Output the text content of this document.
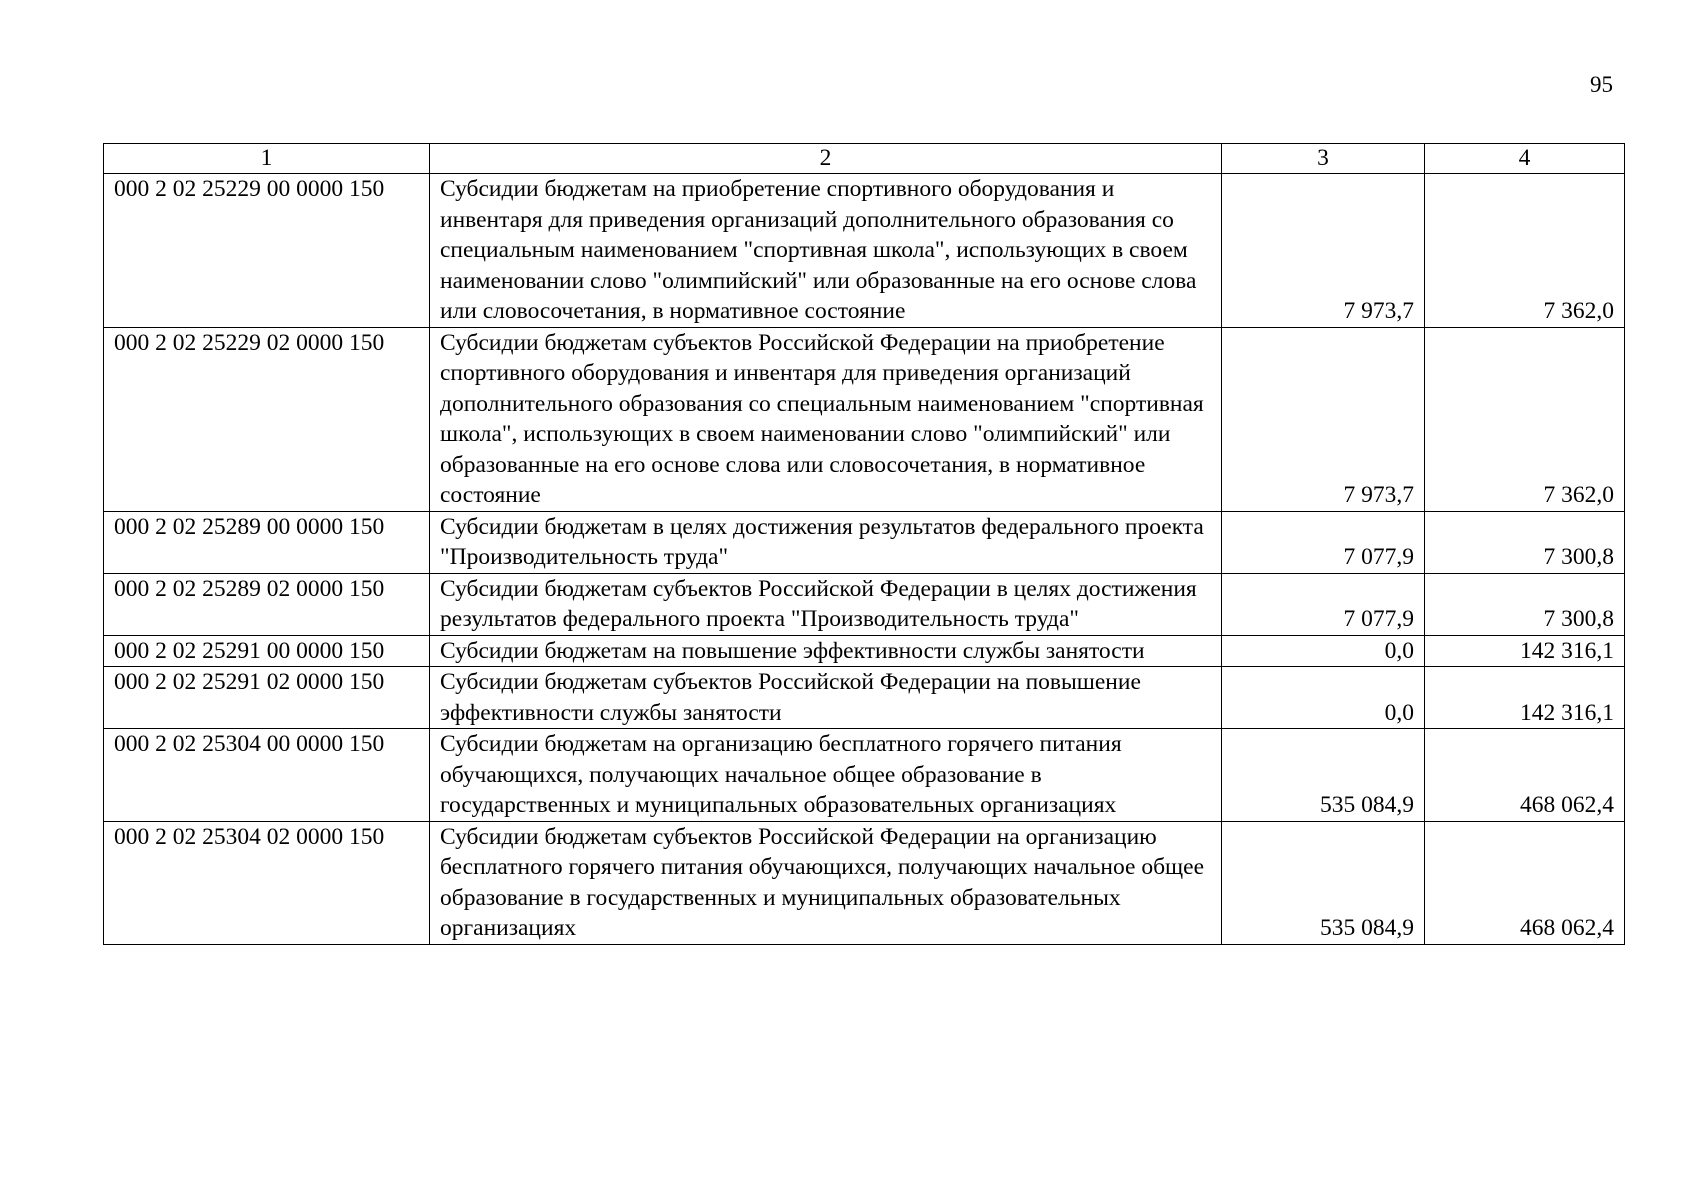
95
1	2	3	4
000 2 02 25229 00 0000 150	Субсидии бюджетам на приобретение спортивного оборудования и инвентаря для приведения организаций дополнительного образования со специальным наименованием "спортивная школа", использующих в своем наименовании слово "олимпийский" или образованные на его основе слова или словосочетания, в нормативное состояние	7 973,7	7 362,0
000 2 02 25229 02 0000 150	Субсидии бюджетам субъектов Российской Федерации на приобретение спортивного оборудования и инвентаря для приведения организаций дополнительного образования со специальным наименованием "спортивная школа", использующих в своем наименовании слово "олимпийский" или образованные на его основе слова или словосочетания, в нормативное состояние	7 973,7	7 362,0
000 2 02 25289 00 0000 150	Субсидии бюджетам в целях достижения результатов федерального проекта "Производительность труда"	7 077,9	7 300,8
000 2 02 25289 02 0000 150	Субсидии бюджетам субъектов Российской Федерации в целях достижения результатов федерального проекта "Производительность труда"	7 077,9	7 300,8
000 2 02 25291 00 0000 150	Субсидии бюджетам на повышение эффективности службы занятости	0,0	142 316,1
000 2 02 25291 02 0000 150	Субсидии бюджетам субъектов Российской Федерации на повышение эффективности службы занятости	0,0	142 316,1
000 2 02 25304 00 0000 150	Субсидии бюджетам на организацию бесплатного горячего питания обучающихся, получающих начальное общее образование в государственных и муниципальных образовательных организациях	535 084,9	468 062,4
000 2 02 25304 02 0000 150	Субсидии бюджетам субъектов Российской Федерации на организацию бесплатного горячего питания обучающихся, получающих начальное общее образование в государственных и муниципальных образовательных организациях	535 084,9	468 062,4
